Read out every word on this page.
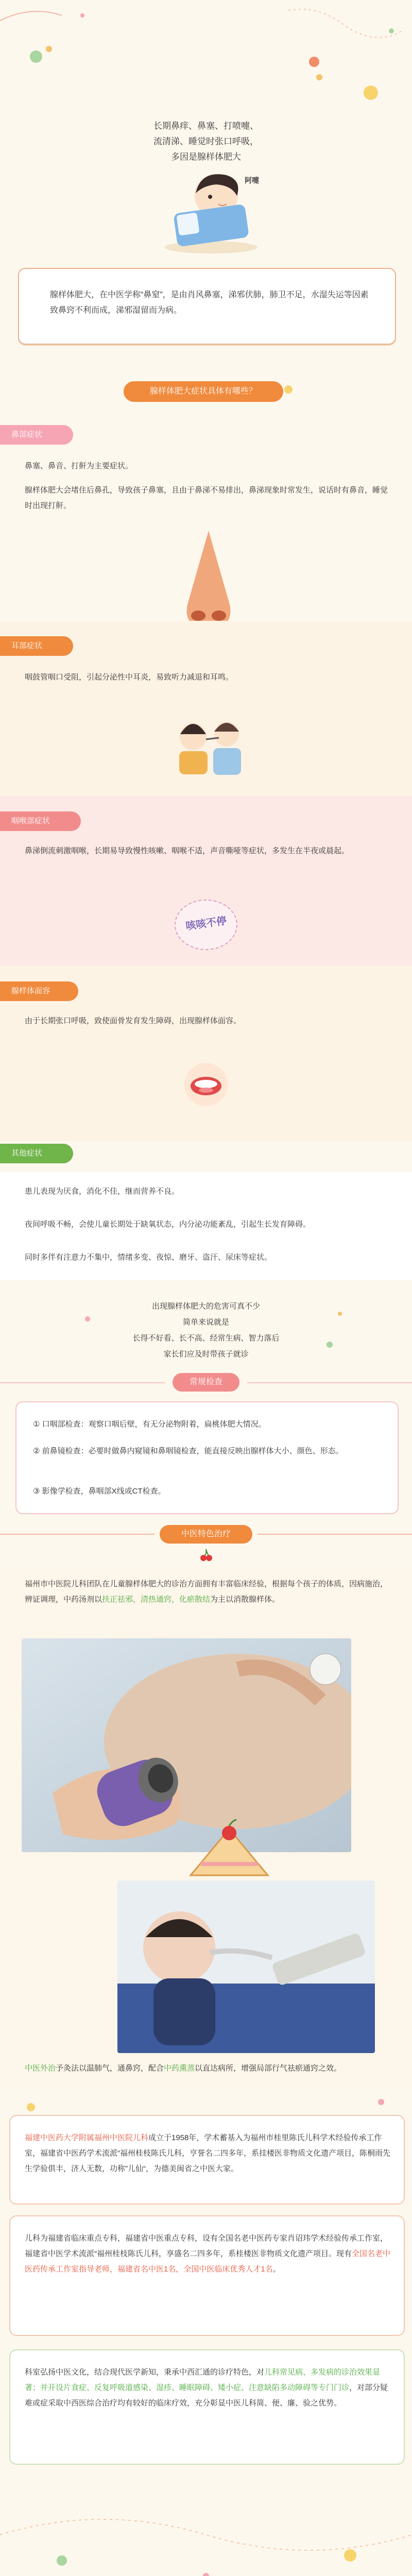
长期鼻痒、鼻塞、打喷嚏、
流清涕、睡觉时张口呼吸，
多因是腺样体肥大
阿嚏

腺样体肥大，在中医学称“鼻窒”，是由肖风鼻塞，涕邪伏肺，肺卫不足，水湿失运等因素致鼻窍不利而成，涕邪湿留而为病。

腺样体肥大症状具体有哪些？
鼻部症状

鼻塞、鼻音、打鼾为主要症状。

腺样体肥大会堵住后鼻孔，导致孩子鼻塞，且由于鼻涕不易排出，鼻涕现象时常发生，说话时有鼻音，睡觉时出现打鼾。

耳部症状

咽鼓管咽口受阻，引起分泌性中耳炎，易致听力减退和耳鸣。

咽喉部症状

鼻涕倒流刺激咽喉，长期易导致慢性咳嗽、咽喉不适，声音嘶哑等症状，多发生在半夜或晨起。

咳咳不停
腺样体面容

由于长期张口呼吸，致使面骨发育发生障碍，出现腺样体面容。

其他症状

患儿表现为厌食，消化不佳，继而营养不良。

夜间呼吸不畅，会使儿童长期处于缺氧状态，内分泌功能紊乱，引起生长发育障碍。

同时多伴有注意力不集中，情绪多变、夜惊、磨牙、盗汗、尿床等症状。

出现腺样体肥大的危害可真不少
简单来说就是
长得不好看、长不高、经常生病、智力落后
家长们应及时带孩子就诊
常规检查

① 口咽部检查：观察口咽后壁，有无分泌物附着，扁桃体肥大情况。

② 前鼻镜检查：必要时做鼻内窥镜和鼻咽镜检查，能直接反映出腺样体大小、颜色、形态。

③ 影像学检查，鼻咽部X线或CT检查。

中医特色治疗

福州市中医院儿科团队在儿童腺样体肥大的诊治方面拥有丰富临床经验，根据每个孩子的体质，因病施治，辨证调理，中药汤剂以扶正祛邪，清热通窍，化瘀散结为主以消散腺样体。

中医外治予灸法以温肺气，通鼻窍，配合中药熏蒸以直达病所，增强局部行气祛瘀通窍之效。

福建中医药大学附属福州中医院儿科成立于1958年，学术蓄基入为福州市桂里陈氏儿科学术经验传承工作室，福建省中医药学术流派“福州桂枝陈氏儿科，亨誉名二四多年，系挂楼医非物质文化遗产项目，陈桐雨先生学验俱丰，济人无数，功称”儿仙“，为德美闽省之中医大家。

儿科为福建省临床重点专科，福建省中医重点专科，设有全国名老中医药专家肖诏玮学术经验传承工作室，福建省中医学术流派“福州桂枝陈氏儿科，享盛名二四多年，系桂楼医非物质文化遗产项目。现有全国名老中医药传承工作室指导老师，福建省名中医1名，全国中医临床优秀人才1名。

科室弘扬中医文化，结合现代医学新知，秉承中西汇通的诊疗特色，对儿科常见病、多发病的诊治效果显著；并开设片食症、反复呼吸道感染、湿疹、睡眠障碍、矮小症、注意缺陷多动障碍等专门门诊，对部分疑难或症采取中西医综合治疗均有较好的临床疗效，充分彰显中医儿科简、便、廉、验之优势。
